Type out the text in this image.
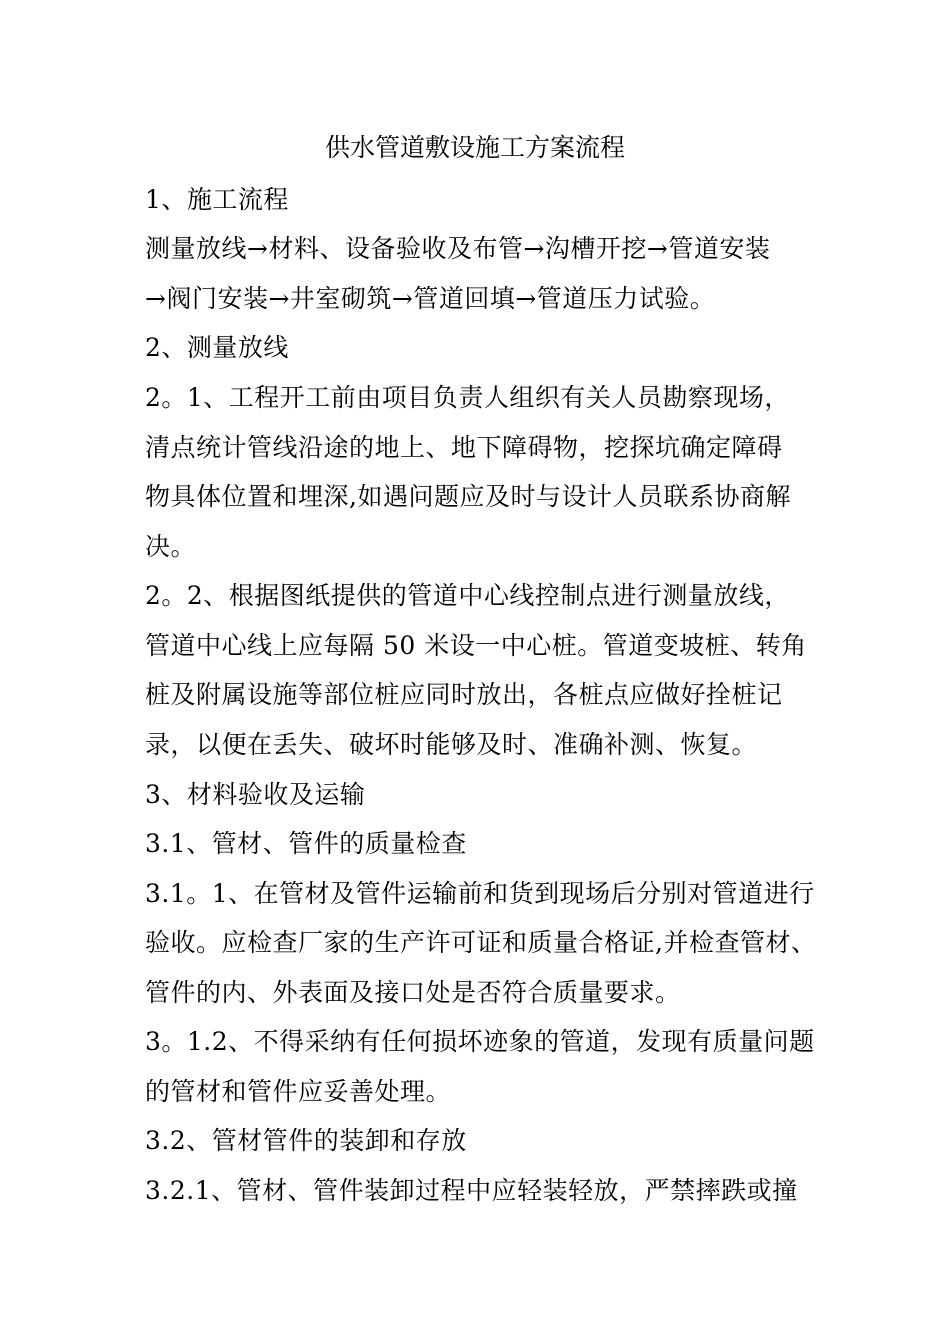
供水管道敷设施工方案流程
1、施工流程
测量放线→材料、设备验收及布管→沟槽开挖→管道安装
→阀门安装→井室砌筑→管道回填→管道压力试验。
2、测量放线
2。1、工程开工前由项目负责人组织有关人员勘察现场，
清点统计管线沿途的地上、地下障碍物，挖探坑确定障碍
物具体位置和埋深,如遇问题应及时与设计人员联系协商解
决。
2。2、根据图纸提供的管道中心线控制点进行测量放线，
管道中心线上应每隔 50 米设一中心桩。管道变坡桩、转角
桩及附属设施等部位桩应同时放出，各桩点应做好拴桩记
录，以便在丢失、破坏时能够及时、准确补测、恢复。
3、材料验收及运输
3.1、管材、管件的质量检查
3.1。1、在管材及管件运输前和货到现场后分别对管道进行
验收。应检查厂家的生产许可证和质量合格证,并检查管材、
管件的内、外表面及接口处是否符合质量要求。
3。1.2、不得采纳有任何损坏迹象的管道，发现有质量问题
的管材和管件应妥善处理。
3.2、管材管件的装卸和存放
3.2.1、管材、管件装卸过程中应轻装轻放，严禁摔跌或撞
